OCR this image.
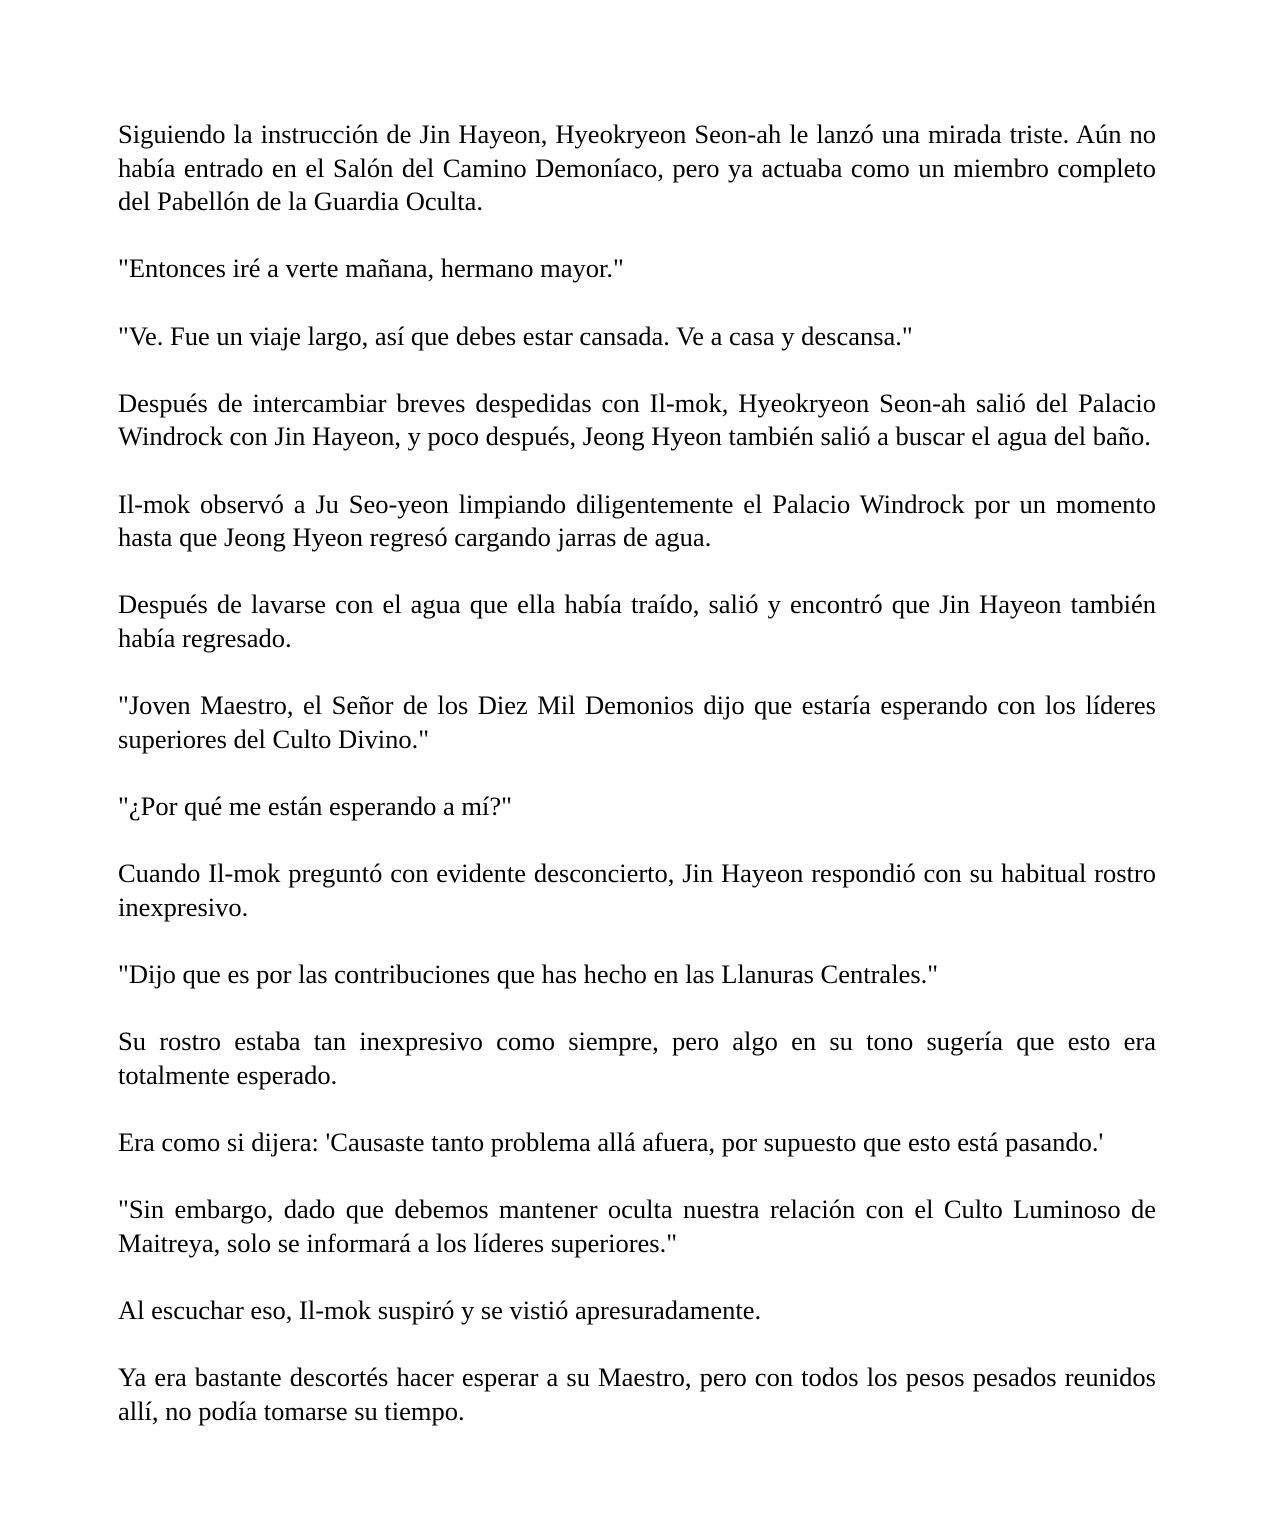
Siguiendo la instrucción de Jin Hayeon, Hyeokryeon Seon-ah le lanzó una mirada triste. Aún no había entrado en el Salón del Camino Demoníaco, pero ya actuaba como un miembro completo del Pabellón de la Guardia Oculta.

"Entonces iré a verte mañana, hermano mayor."

"Ve. Fue un viaje largo, así que debes estar cansada. Ve a casa y descansa."

Después de intercambiar breves despedidas con Il-mok, Hyeokryeon Seon-ah salió del Palacio Windrock con Jin Hayeon, y poco después, Jeong Hyeon también salió a buscar el agua del baño.

Il-mok observó a Ju Seo-yeon limpiando diligentemente el Palacio Windrock por un momento hasta que Jeong Hyeon regresó cargando jarras de agua.

Después de lavarse con el agua que ella había traído, salió y encontró que Jin Hayeon también había regresado.

"Joven Maestro, el Señor de los Diez Mil Demonios dijo que estaría esperando con los líderes superiores del Culto Divino."

"¿Por qué me están esperando a mí?"

Cuando Il-mok preguntó con evidente desconcierto, Jin Hayeon respondió con su habitual rostro inexpresivo.

"Dijo que es por las contribuciones que has hecho en las Llanuras Centrales."

Su rostro estaba tan inexpresivo como siempre, pero algo en su tono sugería que esto era totalmente esperado.

Era como si dijera: 'Causaste tanto problema allá afuera, por supuesto que esto está pasando.'

"Sin embargo, dado que debemos mantener oculta nuestra relación con el Culto Luminoso de Maitreya, solo se informará a los líderes superiores."

Al escuchar eso, Il-mok suspiró y se vistió apresuradamente.

Ya era bastante descortés hacer esperar a su Maestro, pero con todos los pesos pesados reunidos allí, no podía tomarse su tiempo.
